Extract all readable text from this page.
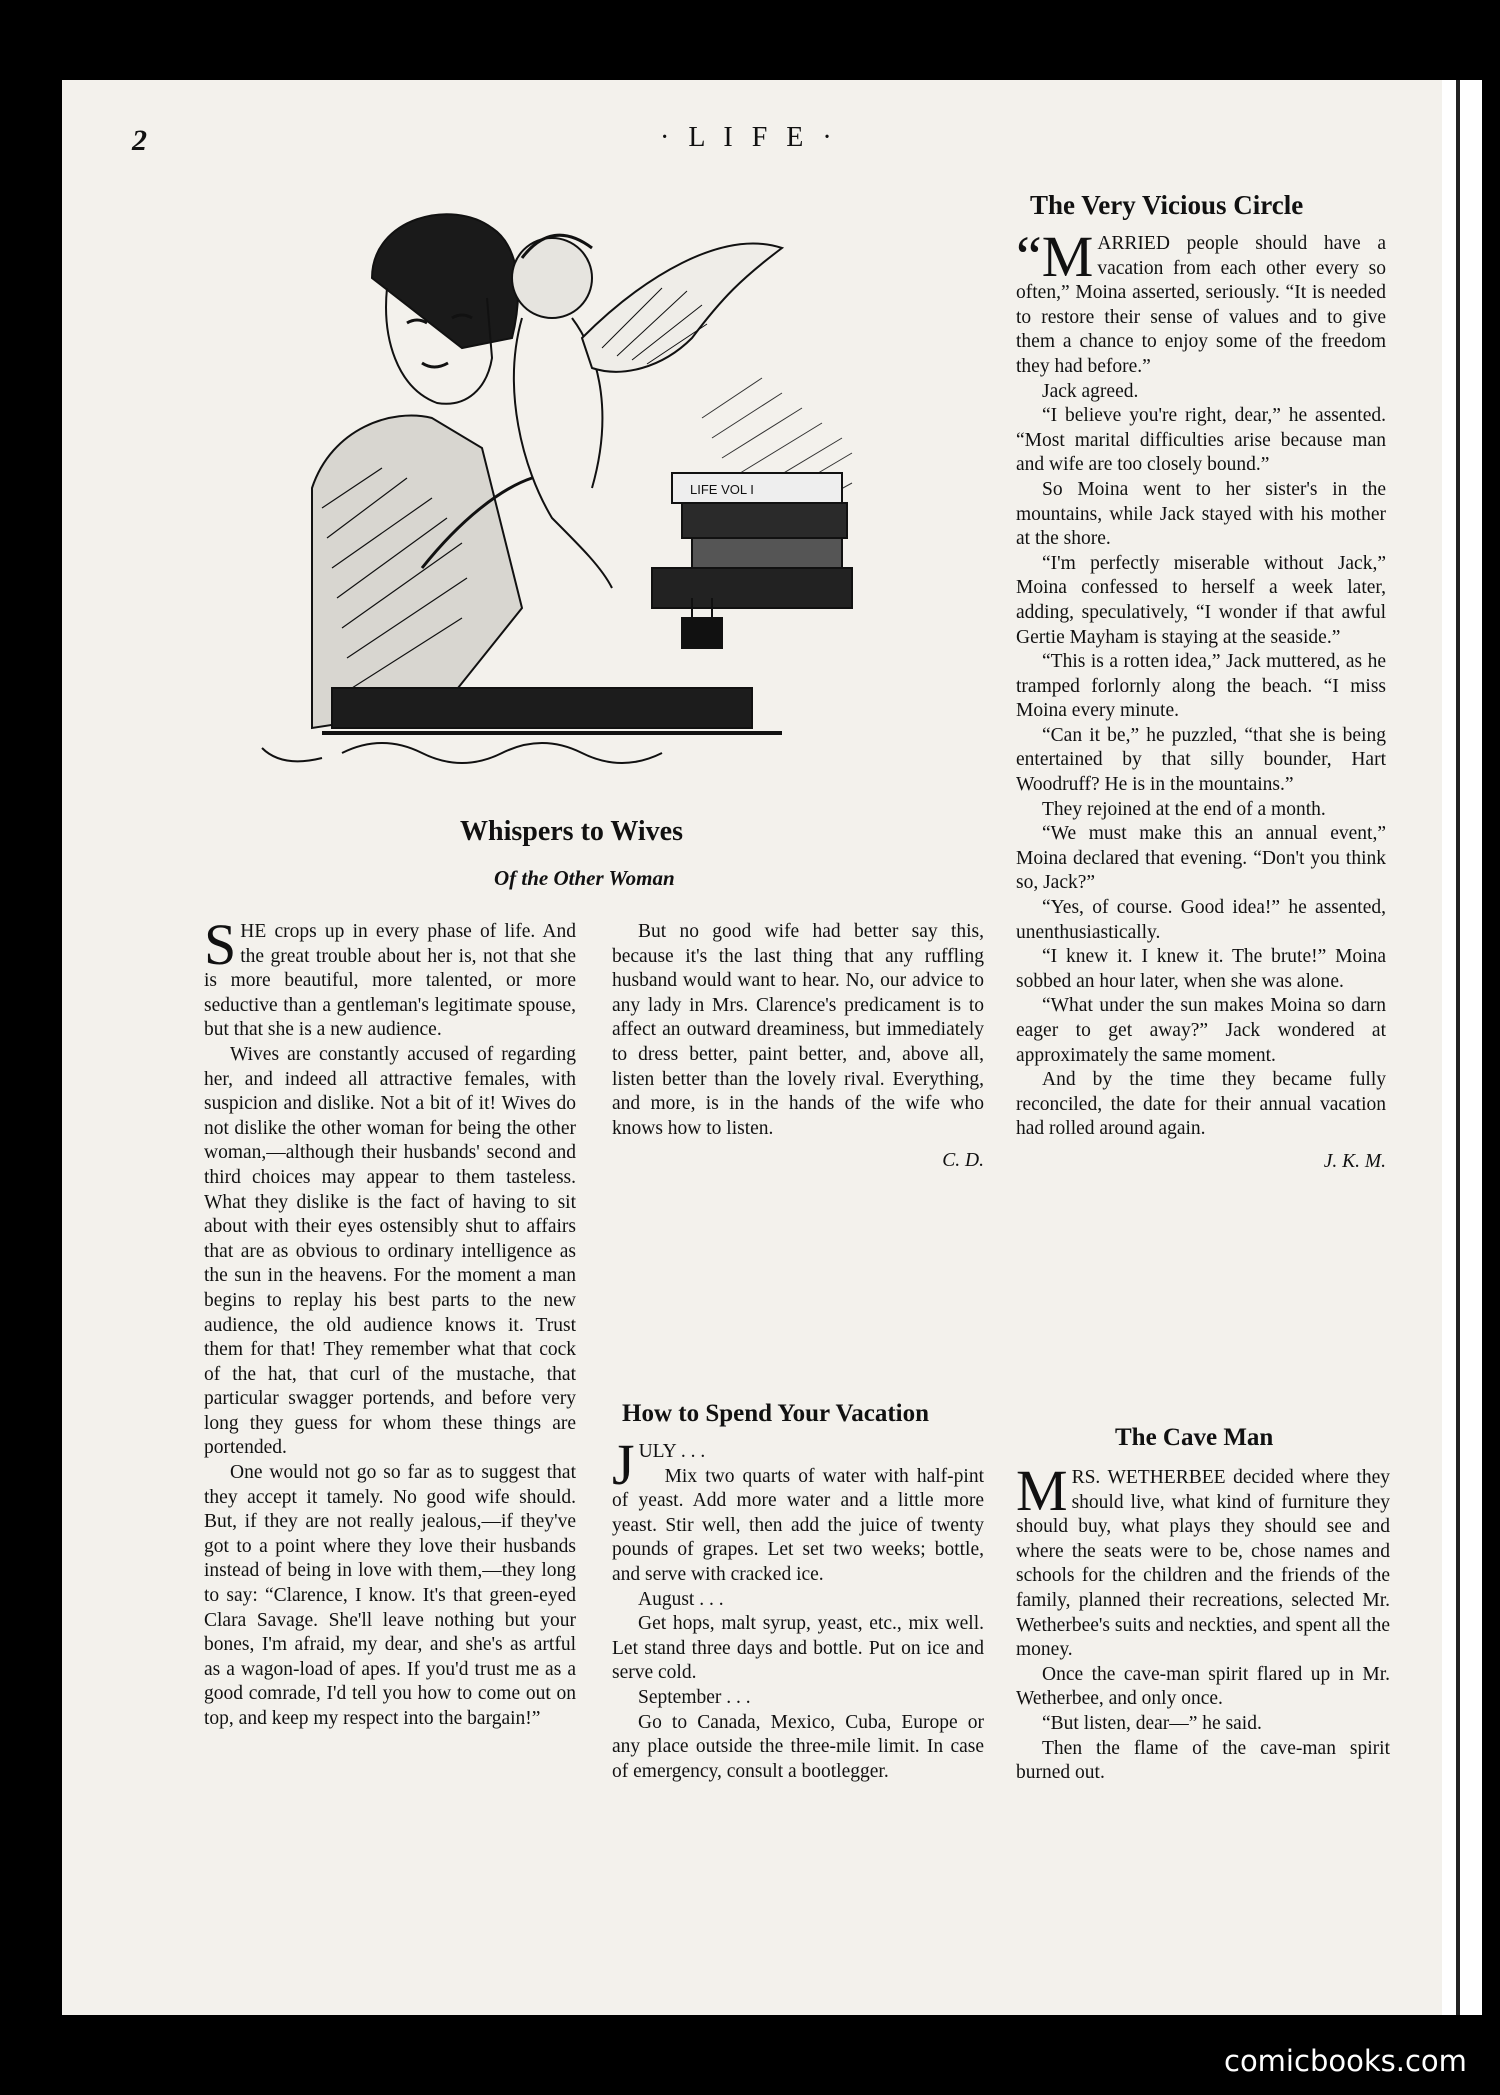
2	· L I F E ·
LIFE VOL I
Whispers to Wives
Of the Other Woman

SHE crops up in every phase of life. And the great trouble about her is, not that she is more beautiful, more talented, or more seductive than a gentleman's legitimate spouse, but that she is a new audience.

Wives are constantly accused of regarding her, and indeed all attractive females, with suspicion and dislike. Not a bit of it! Wives do not dislike the other woman for being the other woman,—although their husbands' second and third choices may appear to them tasteless. What they dislike is the fact of having to sit about with their eyes ostensibly shut to affairs that are as obvious to ordinary intelligence as the sun in the heavens. For the moment a man begins to replay his best parts to the new audience, the old audience knows it. Trust them for that! They remember what that cock of the hat, that curl of the mustache, that particular swagger portends, and before very long they guess for whom these things are portended.

One would not go so far as to suggest that they accept it tamely. No good wife should. But, if they are not really jealous,—if they've got to a point where they love their husbands instead of being in love with them,—they long to say: “Clarence, I know. It's that green-eyed Clara Savage. She'll leave nothing but your bones, I'm afraid, my dear, and she's as artful as a wagon-load of apes. If you'd trust me as a good comrade, I'd tell you how to come out on top, and keep my respect into the bargain!”

But no good wife had better say this, because it's the last thing that any ruffling husband would want to hear. No, our advice to any lady in Mrs. Clarence's predicament is to affect an outward dreaminess, but immediately to dress better, paint better, and, above all, listen better than the lovely rival. Everything, and more, is in the hands of the wife who knows how to listen.

C. D.
How to Spend Your Vacation

JULY . . .

Mix two quarts of water with half-pint of yeast. Add more water and a little more yeast. Stir well, then add the juice of twenty pounds of grapes. Let set two weeks; bottle, and serve with cracked ice.

August . . .

Get hops, malt syrup, yeast, etc., mix well. Let stand three days and bottle. Put on ice and serve cold.

September . . .

Go to Canada, Mexico, Cuba, Europe or any place outside the three-mile limit. In case of emergency, consult a bootlegger.

The Very Vicious Circle

“MARRIED people should have a vacation from each other every so often,” Moina asserted, seriously. “It is needed to restore their sense of values and to give them a chance to enjoy some of the freedom they had before.”

Jack agreed.

“I believe you're right, dear,” he assented. “Most marital difficulties arise because man and wife are too closely bound.”

So Moina went to her sister's in the mountains, while Jack stayed with his mother at the shore.

“I'm perfectly miserable without Jack,” Moina confessed to herself a week later, adding, speculatively, “I wonder if that awful Gertie Mayham is staying at the seaside.”

“This is a rotten idea,” Jack muttered, as he tramped forlornly along the beach. “I miss Moina every minute.

“Can it be,” he puzzled, “that she is being entertained by that silly bounder, Hart Woodruff? He is in the mountains.”

They rejoined at the end of a month.

“We must make this an annual event,” Moina declared that evening. “Don't you think so, Jack?”

“Yes, of course. Good idea!” he assented, unenthusiastically.

“I knew it. I knew it. The brute!” Moina sobbed an hour later, when she was alone.

“What under the sun makes Moina so darn eager to get away?” Jack wondered at approximately the same moment.

And by the time they became fully reconciled, the date for their annual vacation had rolled around again.

J. K. M.
The Cave Man

MRS. WETHERBEE decided where they should live, what kind of furniture they should buy, what plays they should see and where the seats were to be, chose names and schools for the children and the friends of the family, planned their recreations, selected Mr. Wetherbee's suits and neckties, and spent all the money.

Once the cave-man spirit flared up in Mr. Wetherbee, and only once.

“But listen, dear—” he said.

Then the flame of the cave-man spirit burned out.

comicbooks.com
